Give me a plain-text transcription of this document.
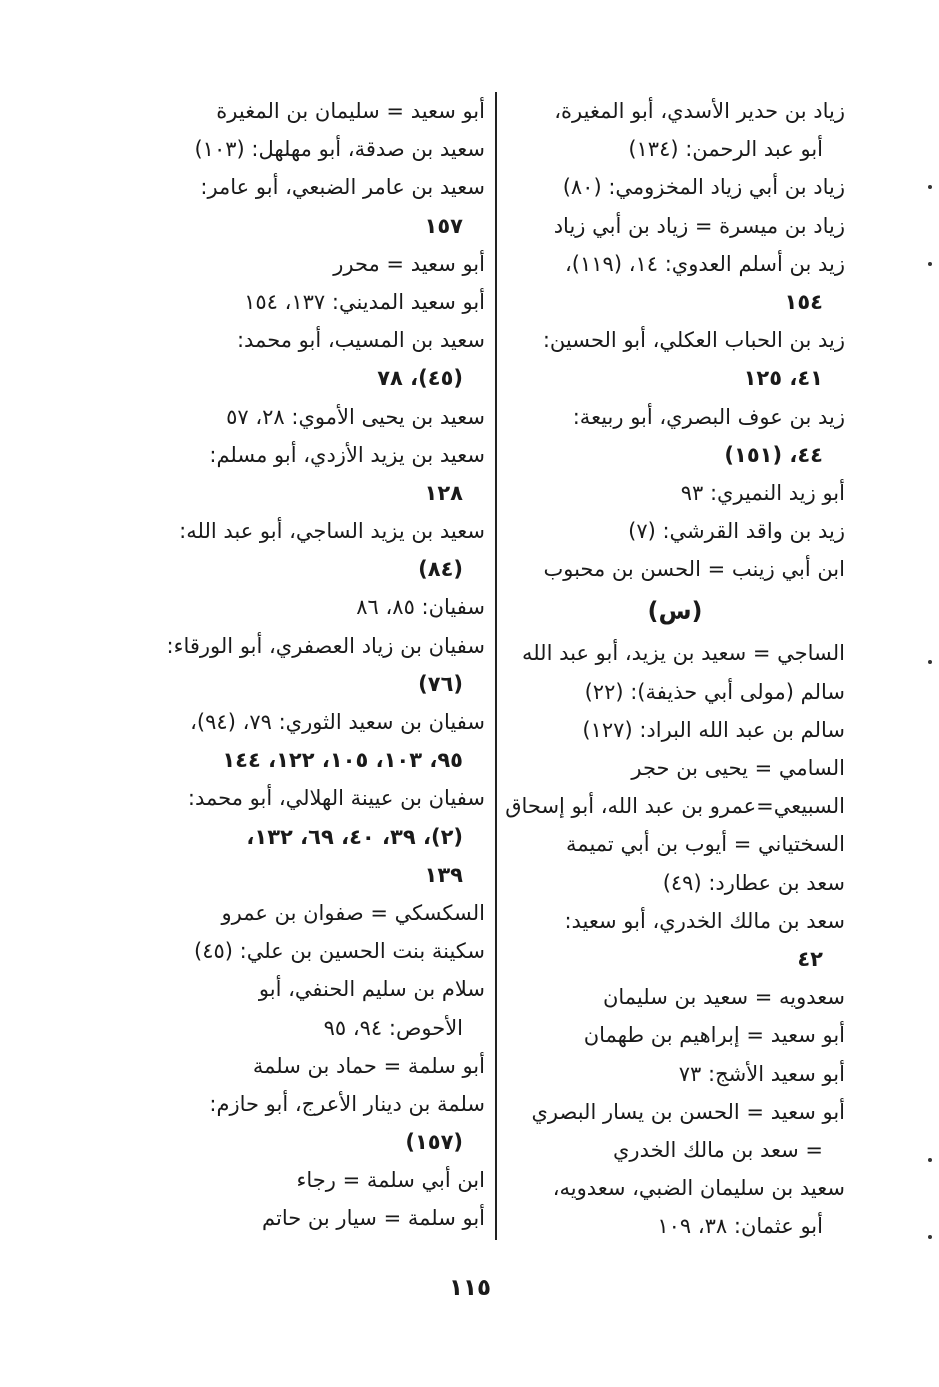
زياد بن حدير الأسدي، أبو المغيرة،
أبو عبد الرحمن: (١٣٤)
زياد بن أبي زياد المخزومي: (٨٠)
زياد بن ميسرة = زياد بن أبي زياد
زيد بن أسلم العدوي: ١٤، (١١٩)،
١٥٤
زيد بن الحباب العكلي، أبو الحسين:
٤١، ١٢٥
زيد بن عوف البصري، أبو ربيعة:
٤٤، (١٥١)
أبو زيد النميري: ٩٣
زيد بن واقد القرشي: (٧)
ابن أبي زينب = الحسن بن محبوب
(س)
الساجي = سعيد بن يزيد، أبو عبد الله
سالم (مولى أبي حذيفة): (٢٢)
سالم بن عبد الله البراد: (١٢٧)
السامي = يحيى بن حجر
السبيعي=عمرو بن عبد الله، أبو إسحاق
السختياني = أيوب بن أبي تميمة
سعد بن عطارد: (٤٩)
سعد بن مالك الخدري، أبو سعيد:
٤٢
سعدويه = سعيد بن سليمان
أبو سعيد = إبراهيم بن طهمان
أبو سعيد الأشج: ٧٣
أبو سعيد = الحسن بن يسار البصري
= سعد بن مالك الخدري
سعيد بن سليمان الضبي، سعدويه،
أبو عثمان: ٣٨، ١٠٩
أبو سعيد = سليمان بن المغيرة
سعيد بن صدقة، أبو مهلهل: (١٠٣)
سعيد بن عامر الضبعي، أبو عامر:
١٥٧
أبو سعيد = محرر
أبو سعيد المديني: ١٣٧، ١٥٤
سعيد بن المسيب، أبو محمد:
(٤٥)، ٧٨
سعيد بن يحيى الأموي: ٢٨، ٥٧
سعيد بن يزيد الأزدي، أبو مسلم:
١٢٨
سعيد بن يزيد الساجي، أبو عبد الله:
(٨٤)
سفيان: ٨٥، ٨٦
سفيان بن زياد العصفري، أبو الورقاء:
(٧٦)
سفيان بن سعيد الثوري: ٧٩، (٩٤)،
٩٥، ١٠٣، ١٠٥، ١٢٢، ١٤٤
سفيان بن عيينة الهلالي، أبو محمد:
(٢)، ٣٩، ٤٠، ٦٩، ١٣٢،
١٣٩
السكسكي = صفوان بن عمرو
سكينة بنت الحسين بن علي: (٤٥)
سلام بن سليم الحنفي، أبو
الأحوص: ٩٤، ٩٥
أبو سلمة = حماد بن سلمة
سلمة بن دينار الأعرج، أبو حازم:
(١٥٧)
ابن أبي سلمة = رجاء
أبو سلمة = سيار بن حاتم
١١٥
